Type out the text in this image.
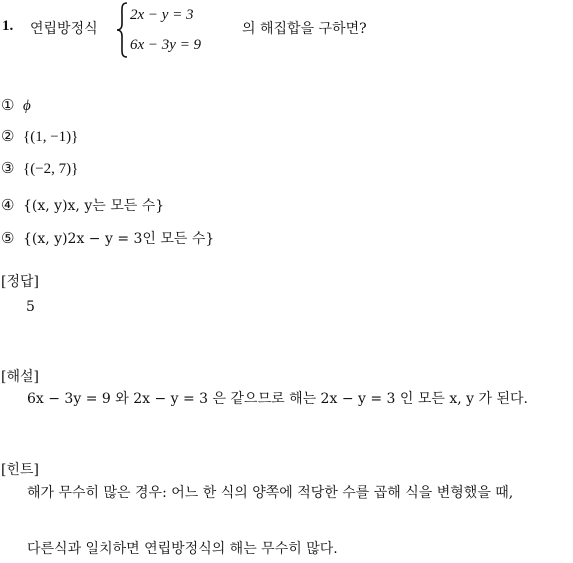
1. 연립방정식
2x − y = 3
6x − 3y = 9
의 해집합을 구하면?
① ϕ
② {(1, −1)}
③ {(−2, 7)}
④ {(x, y)x, y는 모든 수}
⑤ {(x, y)2x − y = 3인 모든 수}
[정답]
5
[해설]
6x − 3y = 9 와 2x − y = 3 은 같으므로 해는 2x − y = 3 인 모든 x, y 가 된다.
[힌트]
해가 무수히 많은 경우: 어느 한 식의 양쪽에 적당한 수를 곱해 식을 변형했을 때,
다른식과 일치하면 연립방정식의 해는 무수히 많다.
